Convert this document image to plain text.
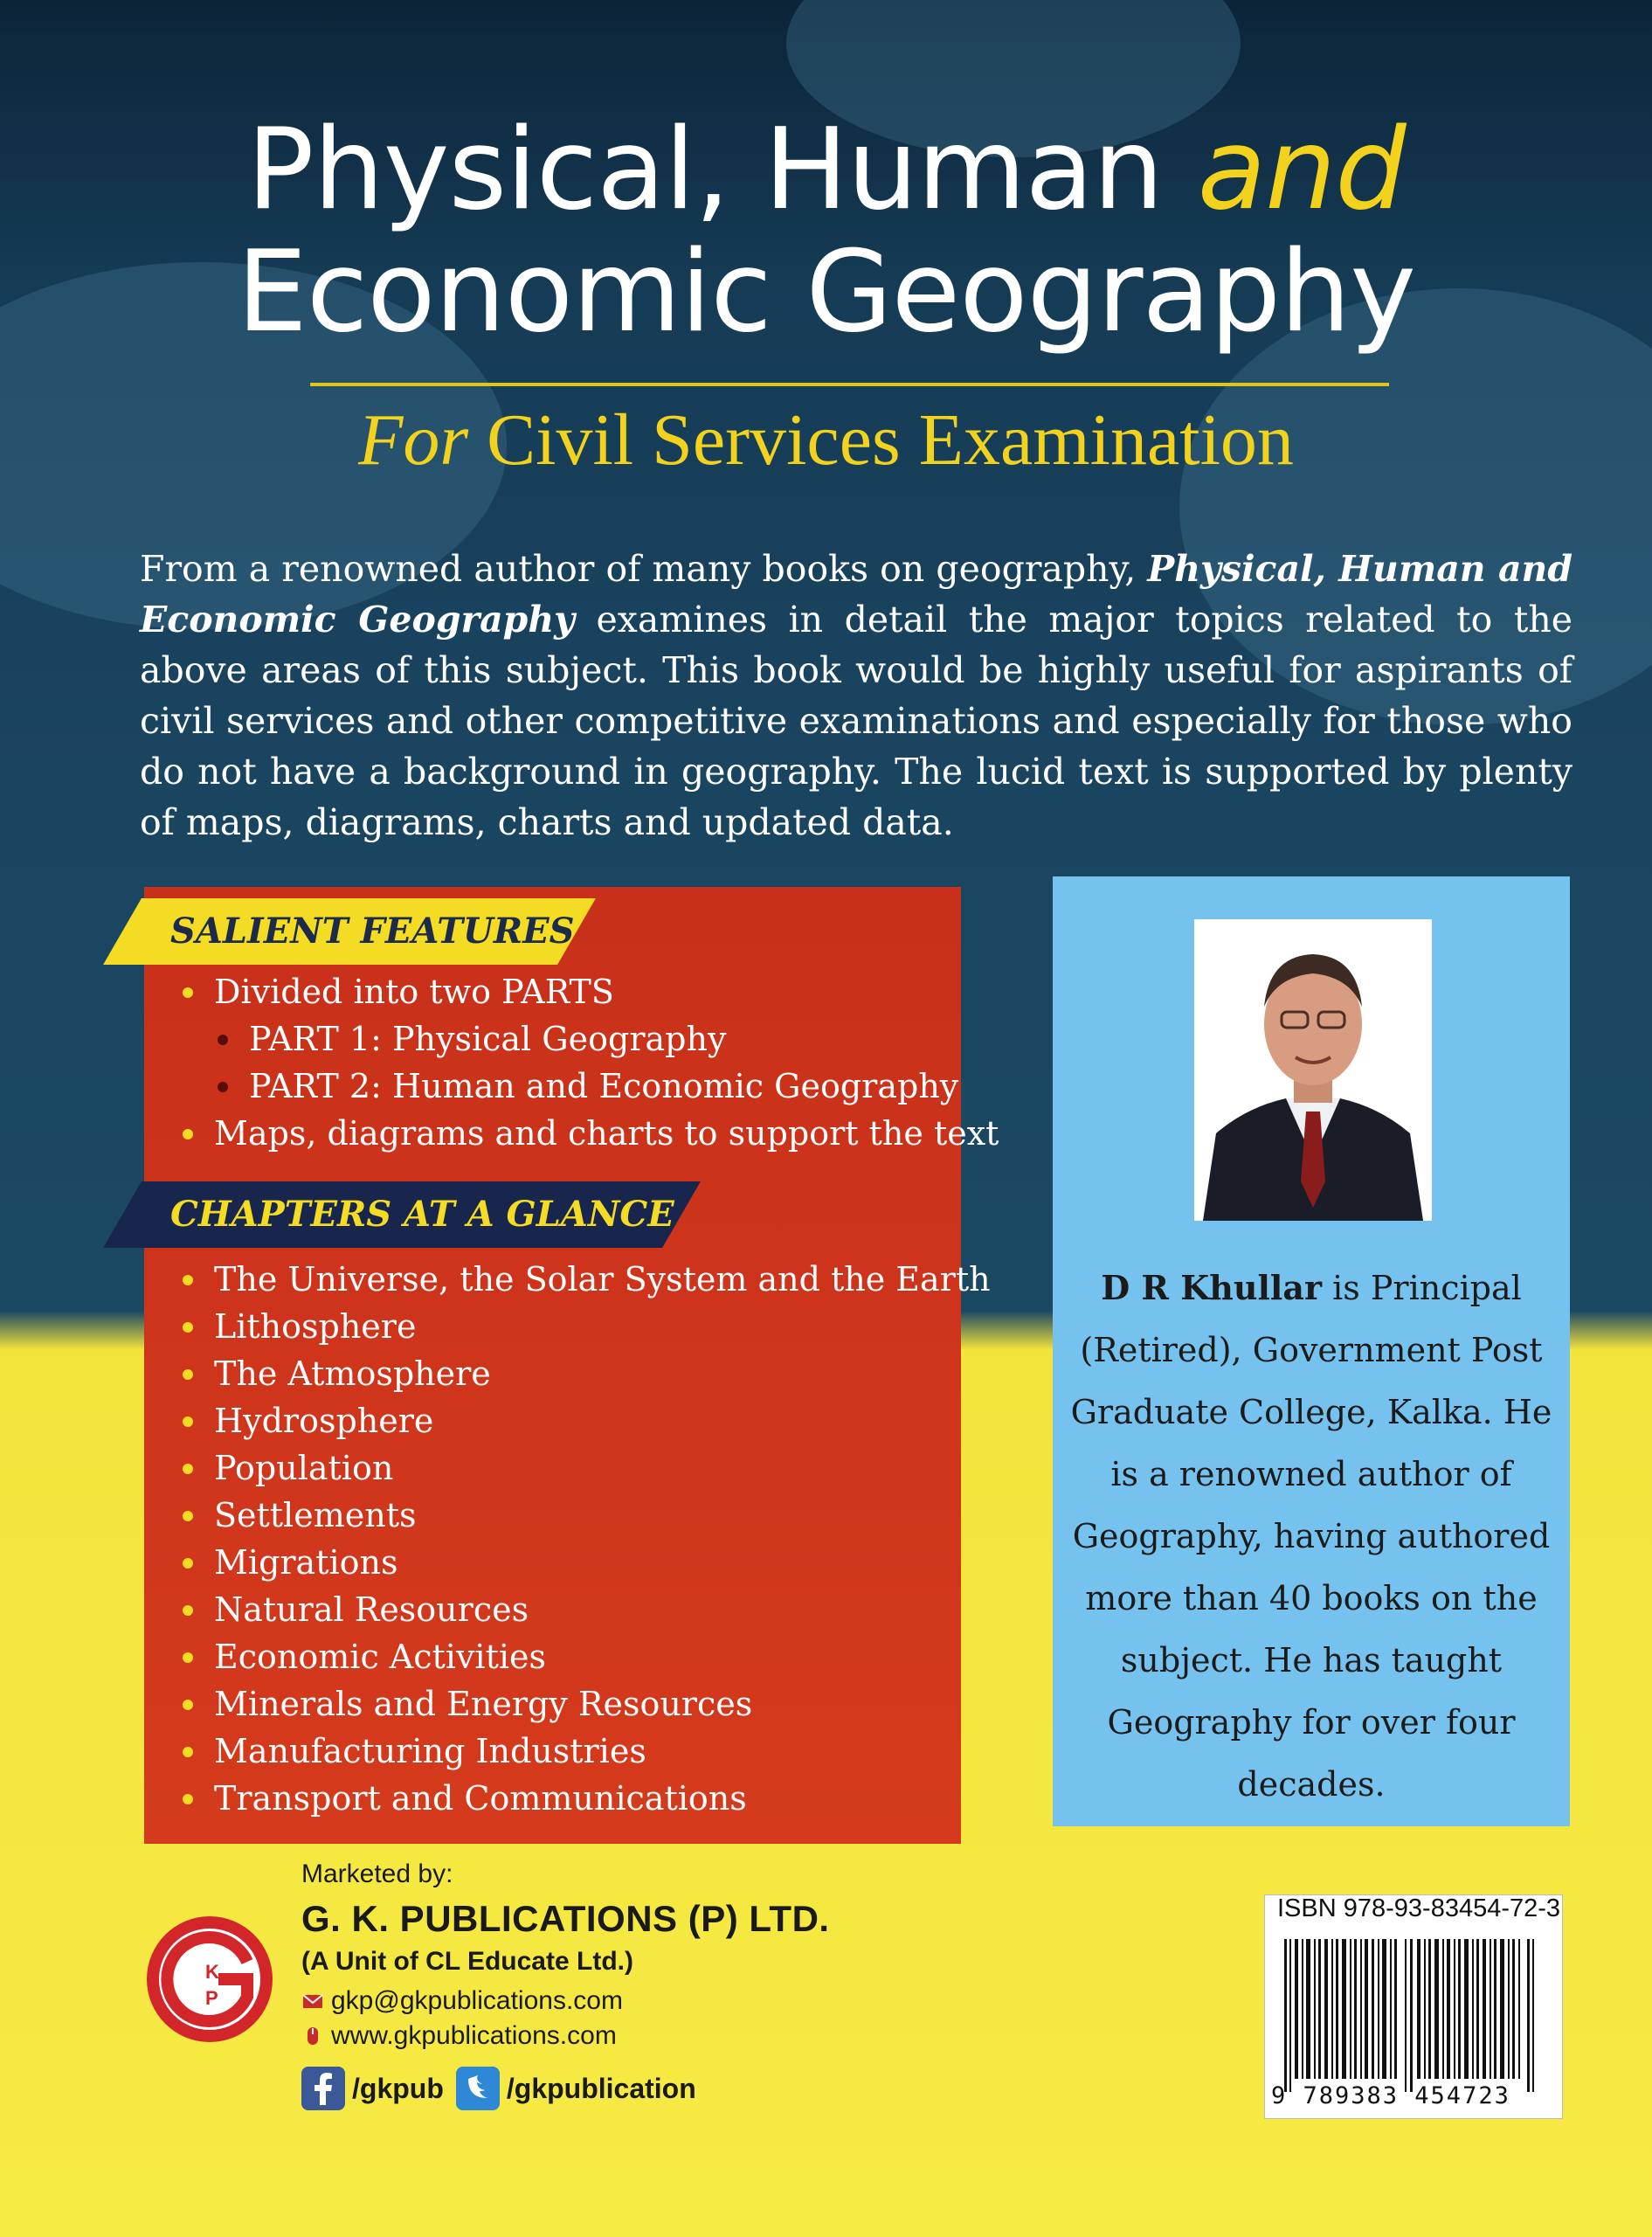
Physical, Human and
Economic Geography
For Civil Services Examination
From a renowned author of many books on geography, Physical, Human and Economic Geography examines in detail the major topics related to the above areas of this subject. This book would be highly useful for aspirants of civil services and other competitive examinations and especially for those who do not have a background in geography. The lucid text is supported by plenty of maps, diagrams, charts and updated data.
SALIENT FEATURES
Divided into two PARTS
PART 1: Physical Geography
PART 2: Human and Economic Geography
Maps, diagrams and charts to support the text
CHAPTERS AT A GLANCE
The Universe, the Solar System and the Earth
Lithosphere
The Atmosphere
Hydrosphere
Population
Settlements
Migrations
Natural Resources
Economic Activities
Minerals and Energy Resources
Manufacturing Industries
Transport and Communications
D R Khullar is Principal (Retired), Government Post Graduate College, Kalka. He is a renowned author of Geography, having authored more than 40 books on the subject. He has taught Geography for over four decades.
K
P
Marketed by:
G. K. PUBLICATIONS (P) LTD.
(A Unit of CL Educate Ltd.)
gkp@gkpublications.com
www.gkpublications.com
/gkpub /gkpublication
ISBN 978-93-83454-72-3
9 789383 454723
